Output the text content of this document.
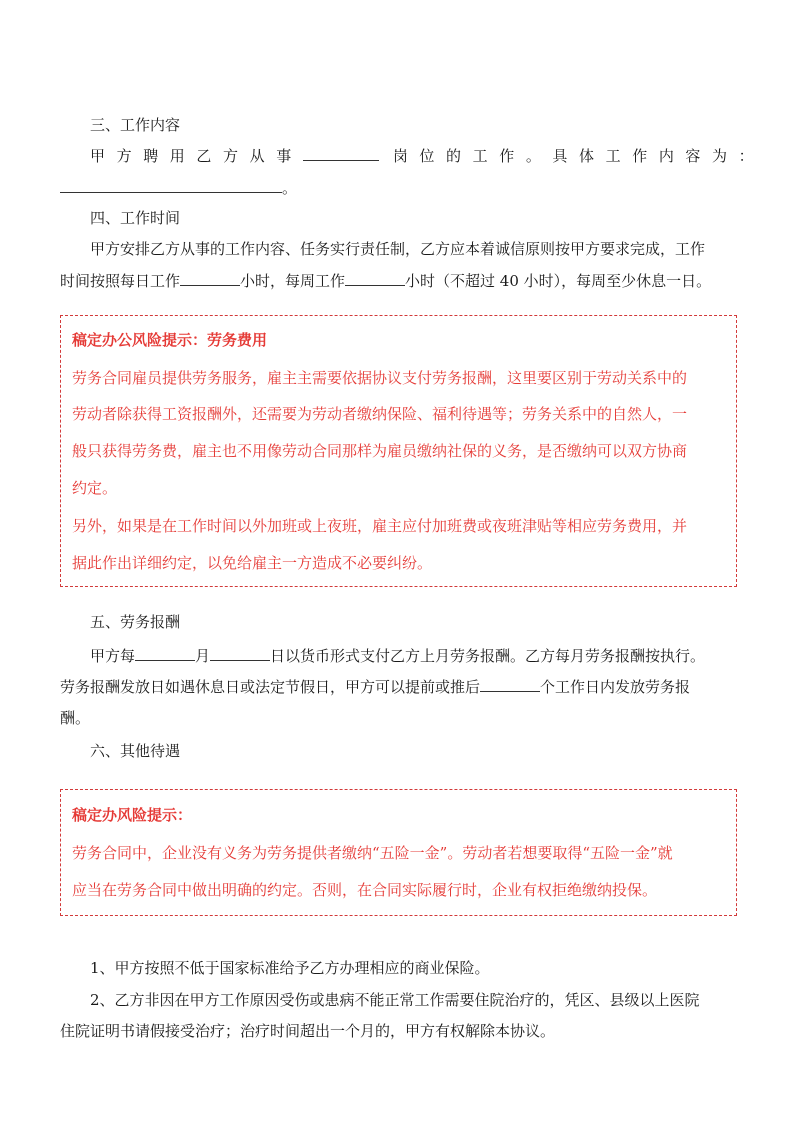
三、工作内容
甲方聘用乙方从事	岗位的工作。具体工作内容为：
。
四、工作时间
甲方安排乙方从事的工作内容、任务实行责任制，乙方应本着诚信原则按甲方要求完成，工作
时间按照每日工作	小时，每周工作	小时（不超过 40 小时），每周至少休息一日。
稿定办公风险提示：劳务费用
劳务合同雇员提供劳务服务，雇主主需要依据协议支付劳务报酬，这里要区别于劳动关系中的
劳动者除获得工资报酬外，还需要为劳动者缴纳保险、福利待遇等；劳务关系中的自然人，一
般只获得劳务费，雇主也不用像劳动合同那样为雇员缴纳社保的义务，是否缴纳可以双方协商
约定。
另外，如果是在工作时间以外加班或上夜班，雇主应付加班费或夜班津贴等相应劳务费用，并
据此作出详细约定，以免给雇主一方造成不必要纠纷。
五、劳务报酬
甲方每	月	日以货币形式支付乙方上月劳务报酬。乙方每月劳务报酬按执行。
劳务报酬发放日如遇休息日或法定节假日，甲方可以提前或推后	个工作日内发放劳务报
酬。
六、其他待遇
稿定办风险提示：
劳务合同中，企业没有义务为劳务提供者缴纳“五险一金”。劳动者若想要取得“五险一金”就
应当在劳务合同中做出明确的约定。否则，在合同实际履行时，企业有权拒绝缴纳投保。
1、甲方按照不低于国家标准给予乙方办理相应的商业保险。
2、乙方非因在甲方工作原因受伤或患病不能正常工作需要住院治疗的，凭区、县级以上医院
住院证明书请假接受治疗；治疗时间超出一个月的，甲方有权解除本协议。
